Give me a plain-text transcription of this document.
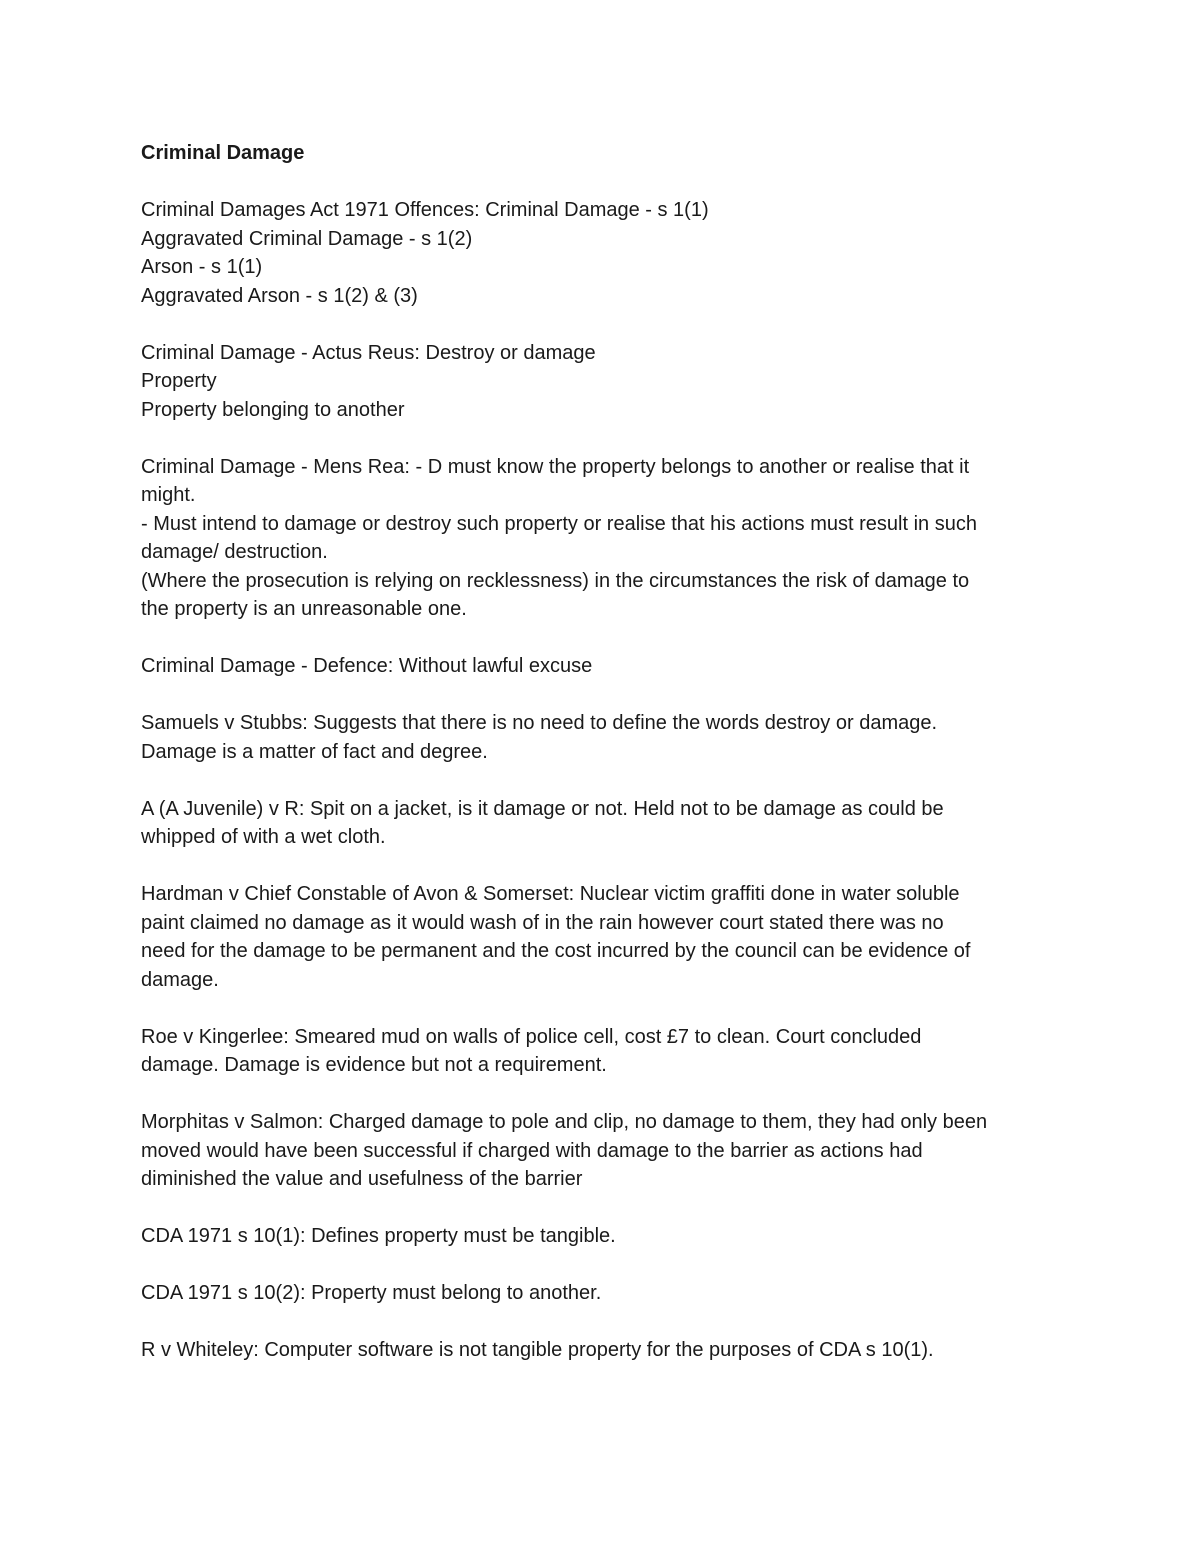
Criminal Damage
Criminal Damages Act 1971 Offences: Criminal Damage - s 1(1)
Aggravated Criminal Damage - s 1(2)
Arson - s 1(1)
Aggravated Arson - s 1(2) & (3)
Criminal Damage - Actus Reus: Destroy or damage
Property
Property belonging to another
Criminal Damage - Mens Rea: - D must know the property belongs to another or realise that it
might.
- Must intend to damage or destroy such property or realise that his actions must result in such
damage/ destruction.
(Where the prosecution is relying on recklessness) in the circumstances the risk of damage to
the property is an unreasonable one.
Criminal Damage - Defence: Without lawful excuse
Samuels v Stubbs: Suggests that there is no need to define the words destroy or damage.
Damage is a matter of fact and degree.
A (A Juvenile) v R: Spit on a jacket, is it damage or not. Held not to be damage as could be
whipped of with a wet cloth.
Hardman v Chief Constable of Avon & Somerset: Nuclear victim graffiti done in water soluble
paint claimed no damage as it would wash of in the rain however court stated there was no
need for the damage to be permanent and the cost incurred by the council can be evidence of
damage.
Roe v Kingerlee: Smeared mud on walls of police cell, cost £7 to clean. Court concluded
damage. Damage is evidence but not a requirement.
Morphitas v Salmon: Charged damage to pole and clip, no damage to them, they had only been
moved would have been successful if charged with damage to the barrier as actions had
diminished the value and usefulness of the barrier
CDA 1971 s 10(1): Defines property must be tangible.
CDA 1971 s 10(2): Property must belong to another.
R v Whiteley: Computer software is not tangible property for the purposes of CDA s 10(1).
